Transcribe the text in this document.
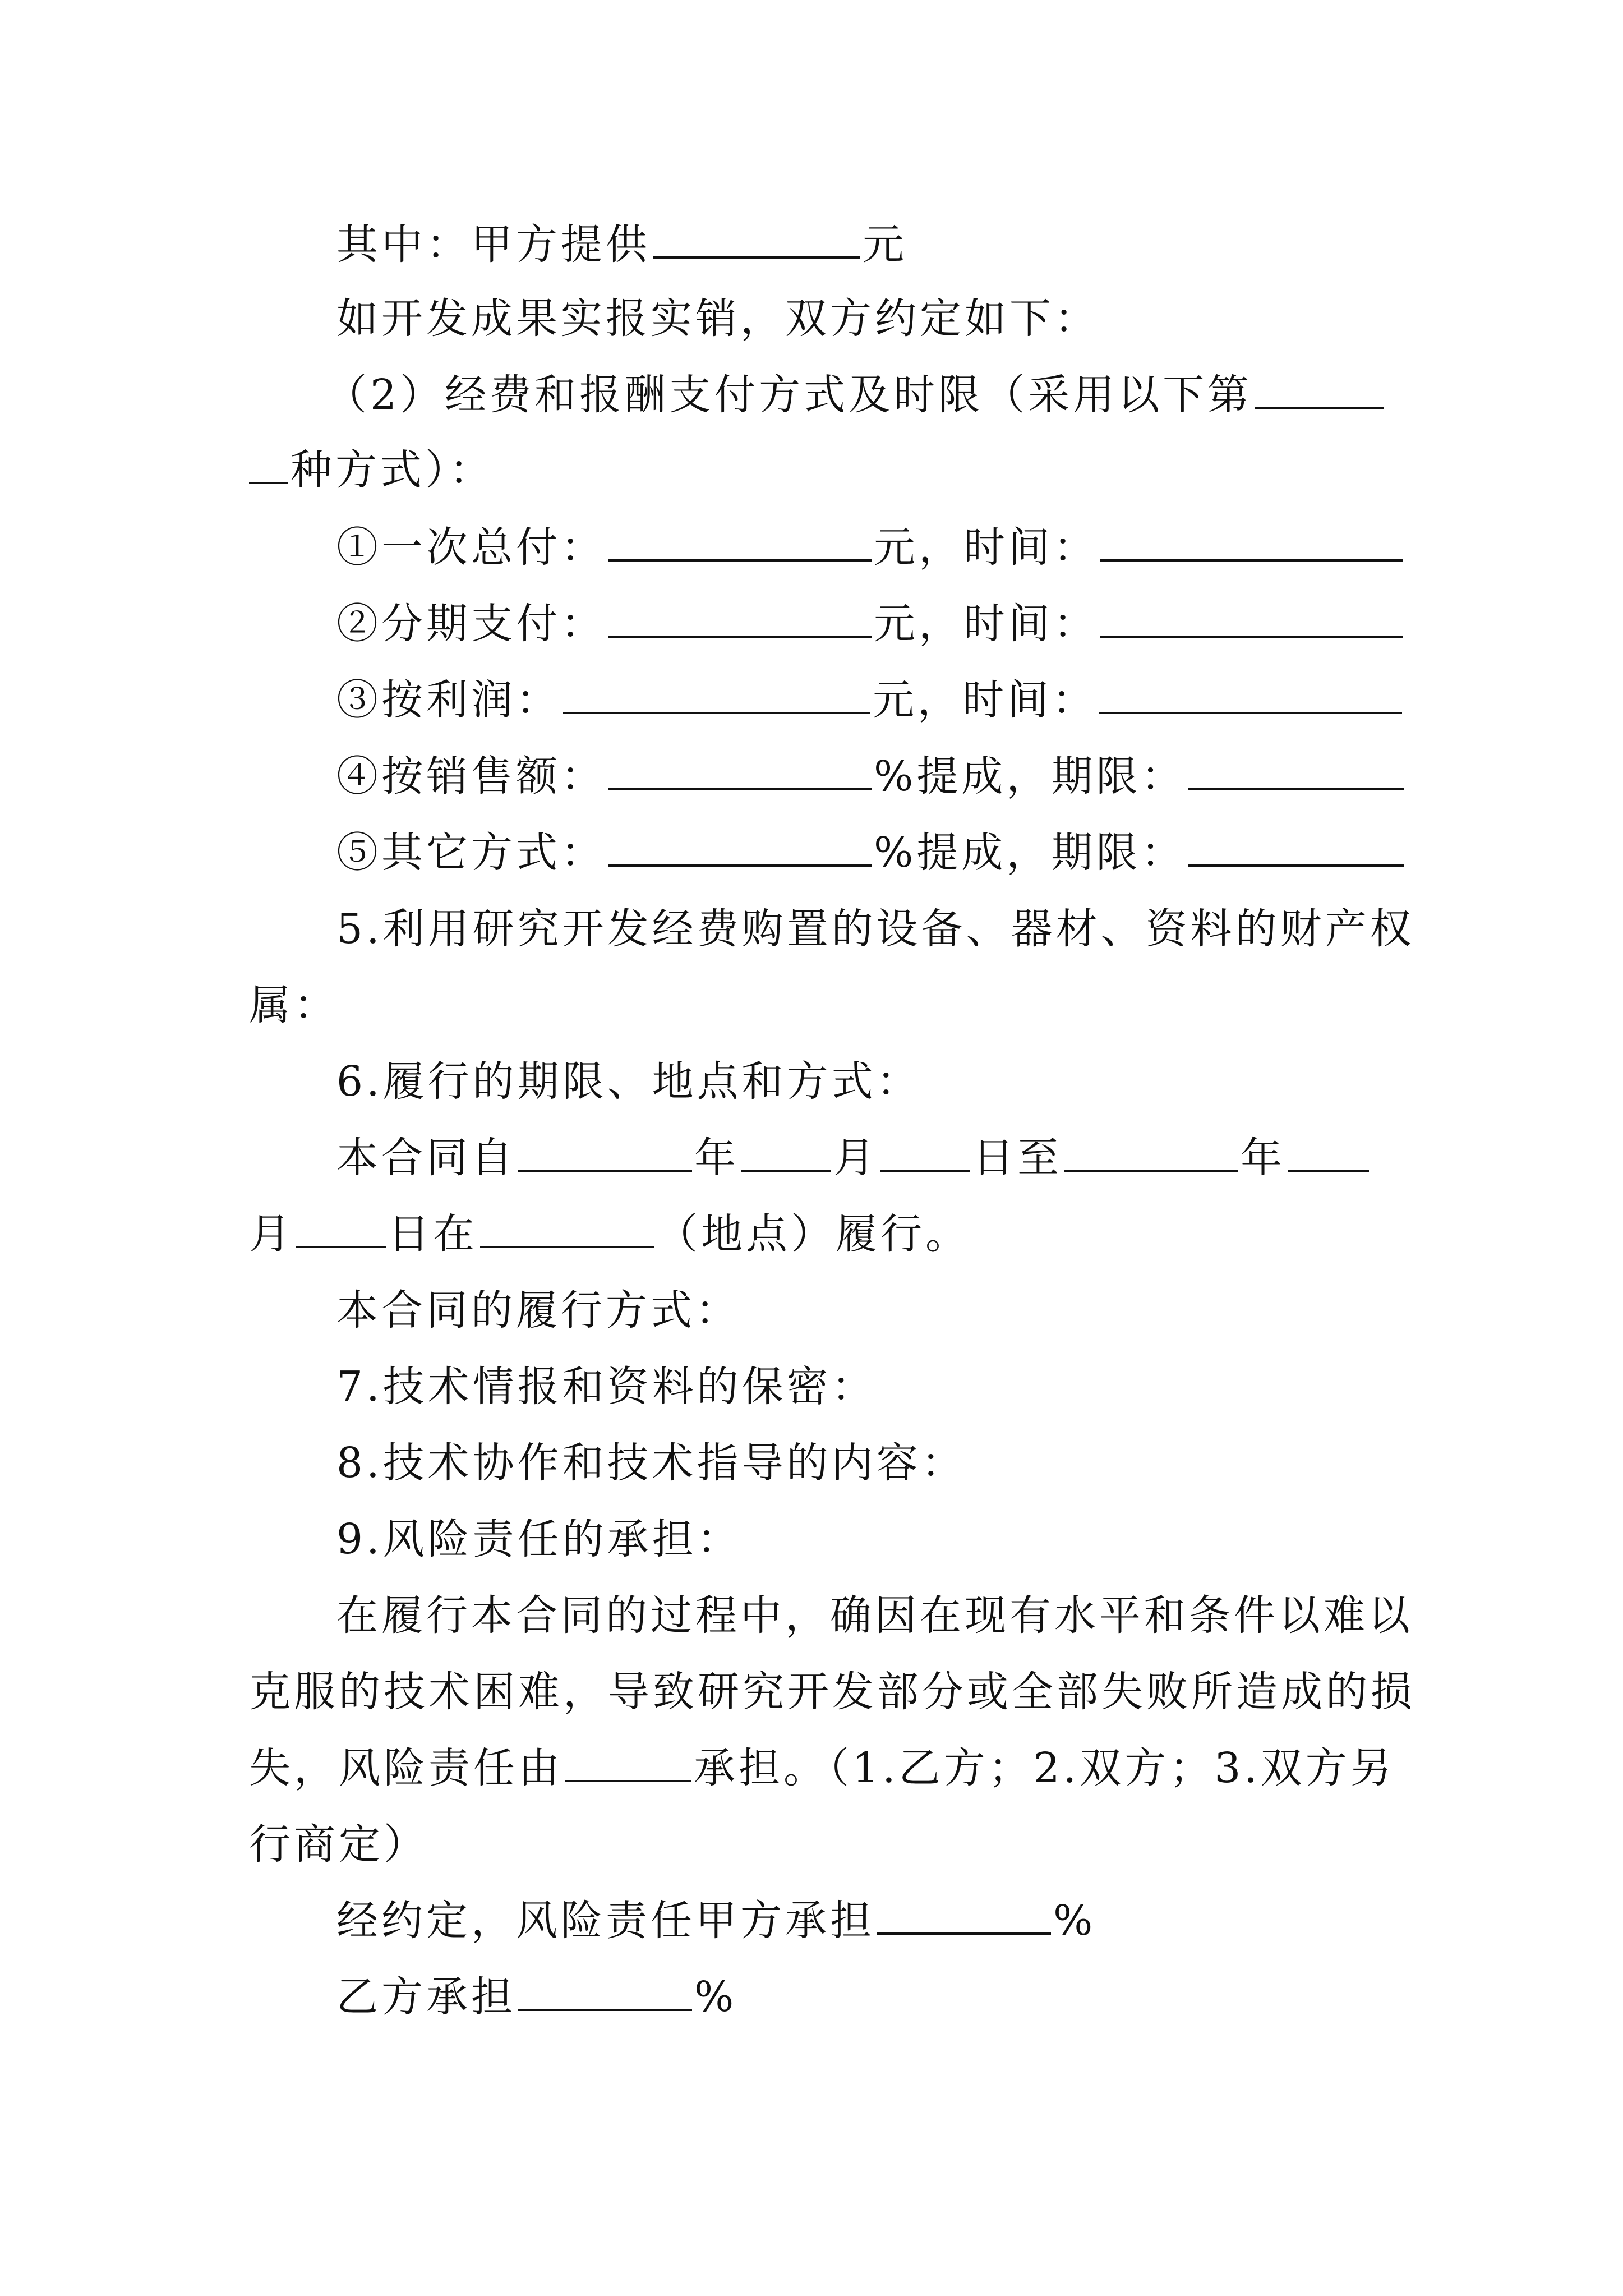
其中：甲方提供	元
如开发成果实报实销，双方约定如下：
（2）经费和报酬支付方式及时限（采用以下第
种方式）：
①一次总付：	元，时间：
②分期支付：	元，时间：
③按利润：	元，时间：
④按销售额：	%提成，期限：
⑤其它方式：	%提成，期限：
5.利用研究开发经费购置的设备、器材、资料的财产权
属：
6.履行的期限、地点和方式：
本合同自	年 月 日至	年
月 日在	（地点）履行。
本合同的履行方式：
7.技术情报和资料的保密：
8.技术协作和技术指导的内容：
9.风险责任的承担：
在履行本合同的过程中，确因在现有水平和条件以难以
克服的技术困难，导致研究开发部分或全部失败所造成的损
失，风险责任由	承担。（1.乙方；2.双方；3.双方另
行商定）
经约定，风险责任甲方承担	%
乙方承担	%
